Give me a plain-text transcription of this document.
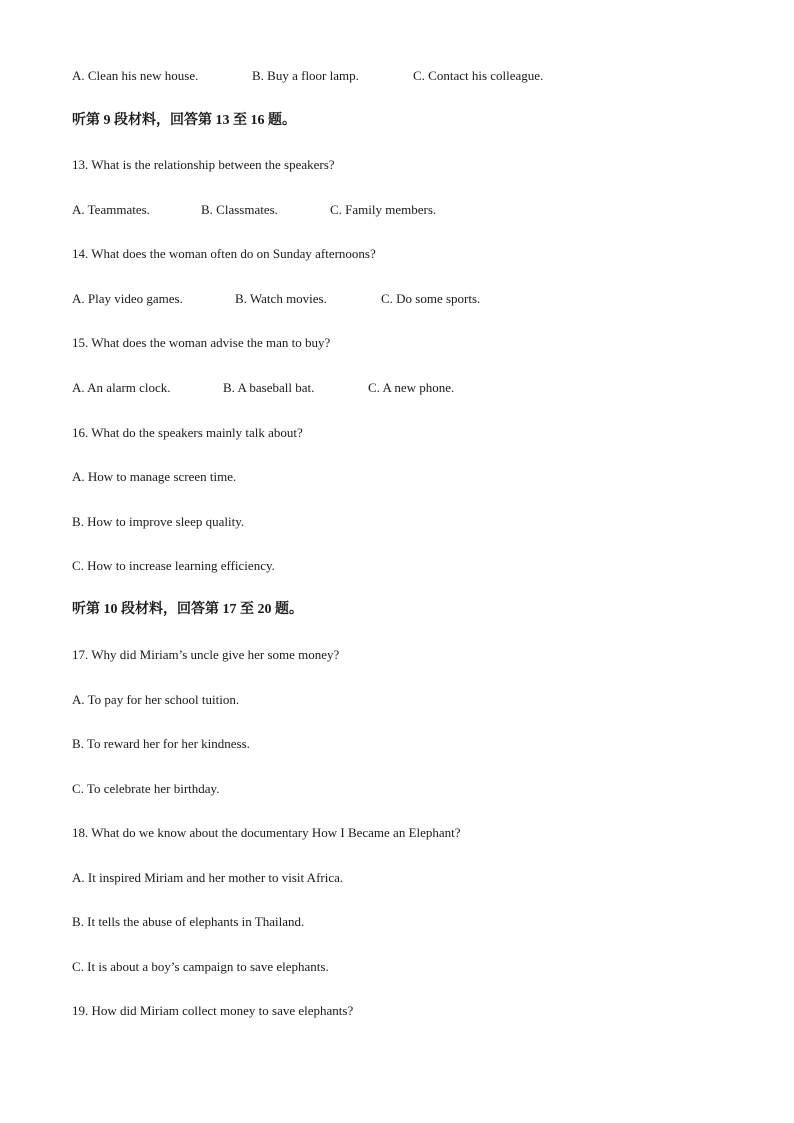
A. Clean his new house.	B. Buy a floor lamp.	C. Contact his colleague.
听第 9 段材料，回答第 13 至 16 题。
13. What is the relationship between the speakers?
A. Teammates.	B. Classmates.	C. Family members.
14. What does the woman often do on Sunday afternoons?
A. Play video games.	B. Watch movies.	C. Do some sports.
15. What does the woman advise the man to buy?
A. An alarm clock.	B. A baseball bat.	C. A new phone.
16. What do the speakers mainly talk about?
A. How to manage screen time.
B. How to improve sleep quality.
C. How to increase learning efficiency.
听第 10 段材料，回答第 17 至 20 题。
17. Why did Miriam’s uncle give her some money?
A. To pay for her school tuition.
B. To reward her for her kindness.
C. To celebrate her birthday.
18. What do we know about the documentary How I Became an Elephant?
A. It inspired Miriam and her mother to visit Africa.
B. It tells the abuse of elephants in Thailand.
C. It is about a boy’s campaign to save elephants.
19. How did Miriam collect money to save elephants?
